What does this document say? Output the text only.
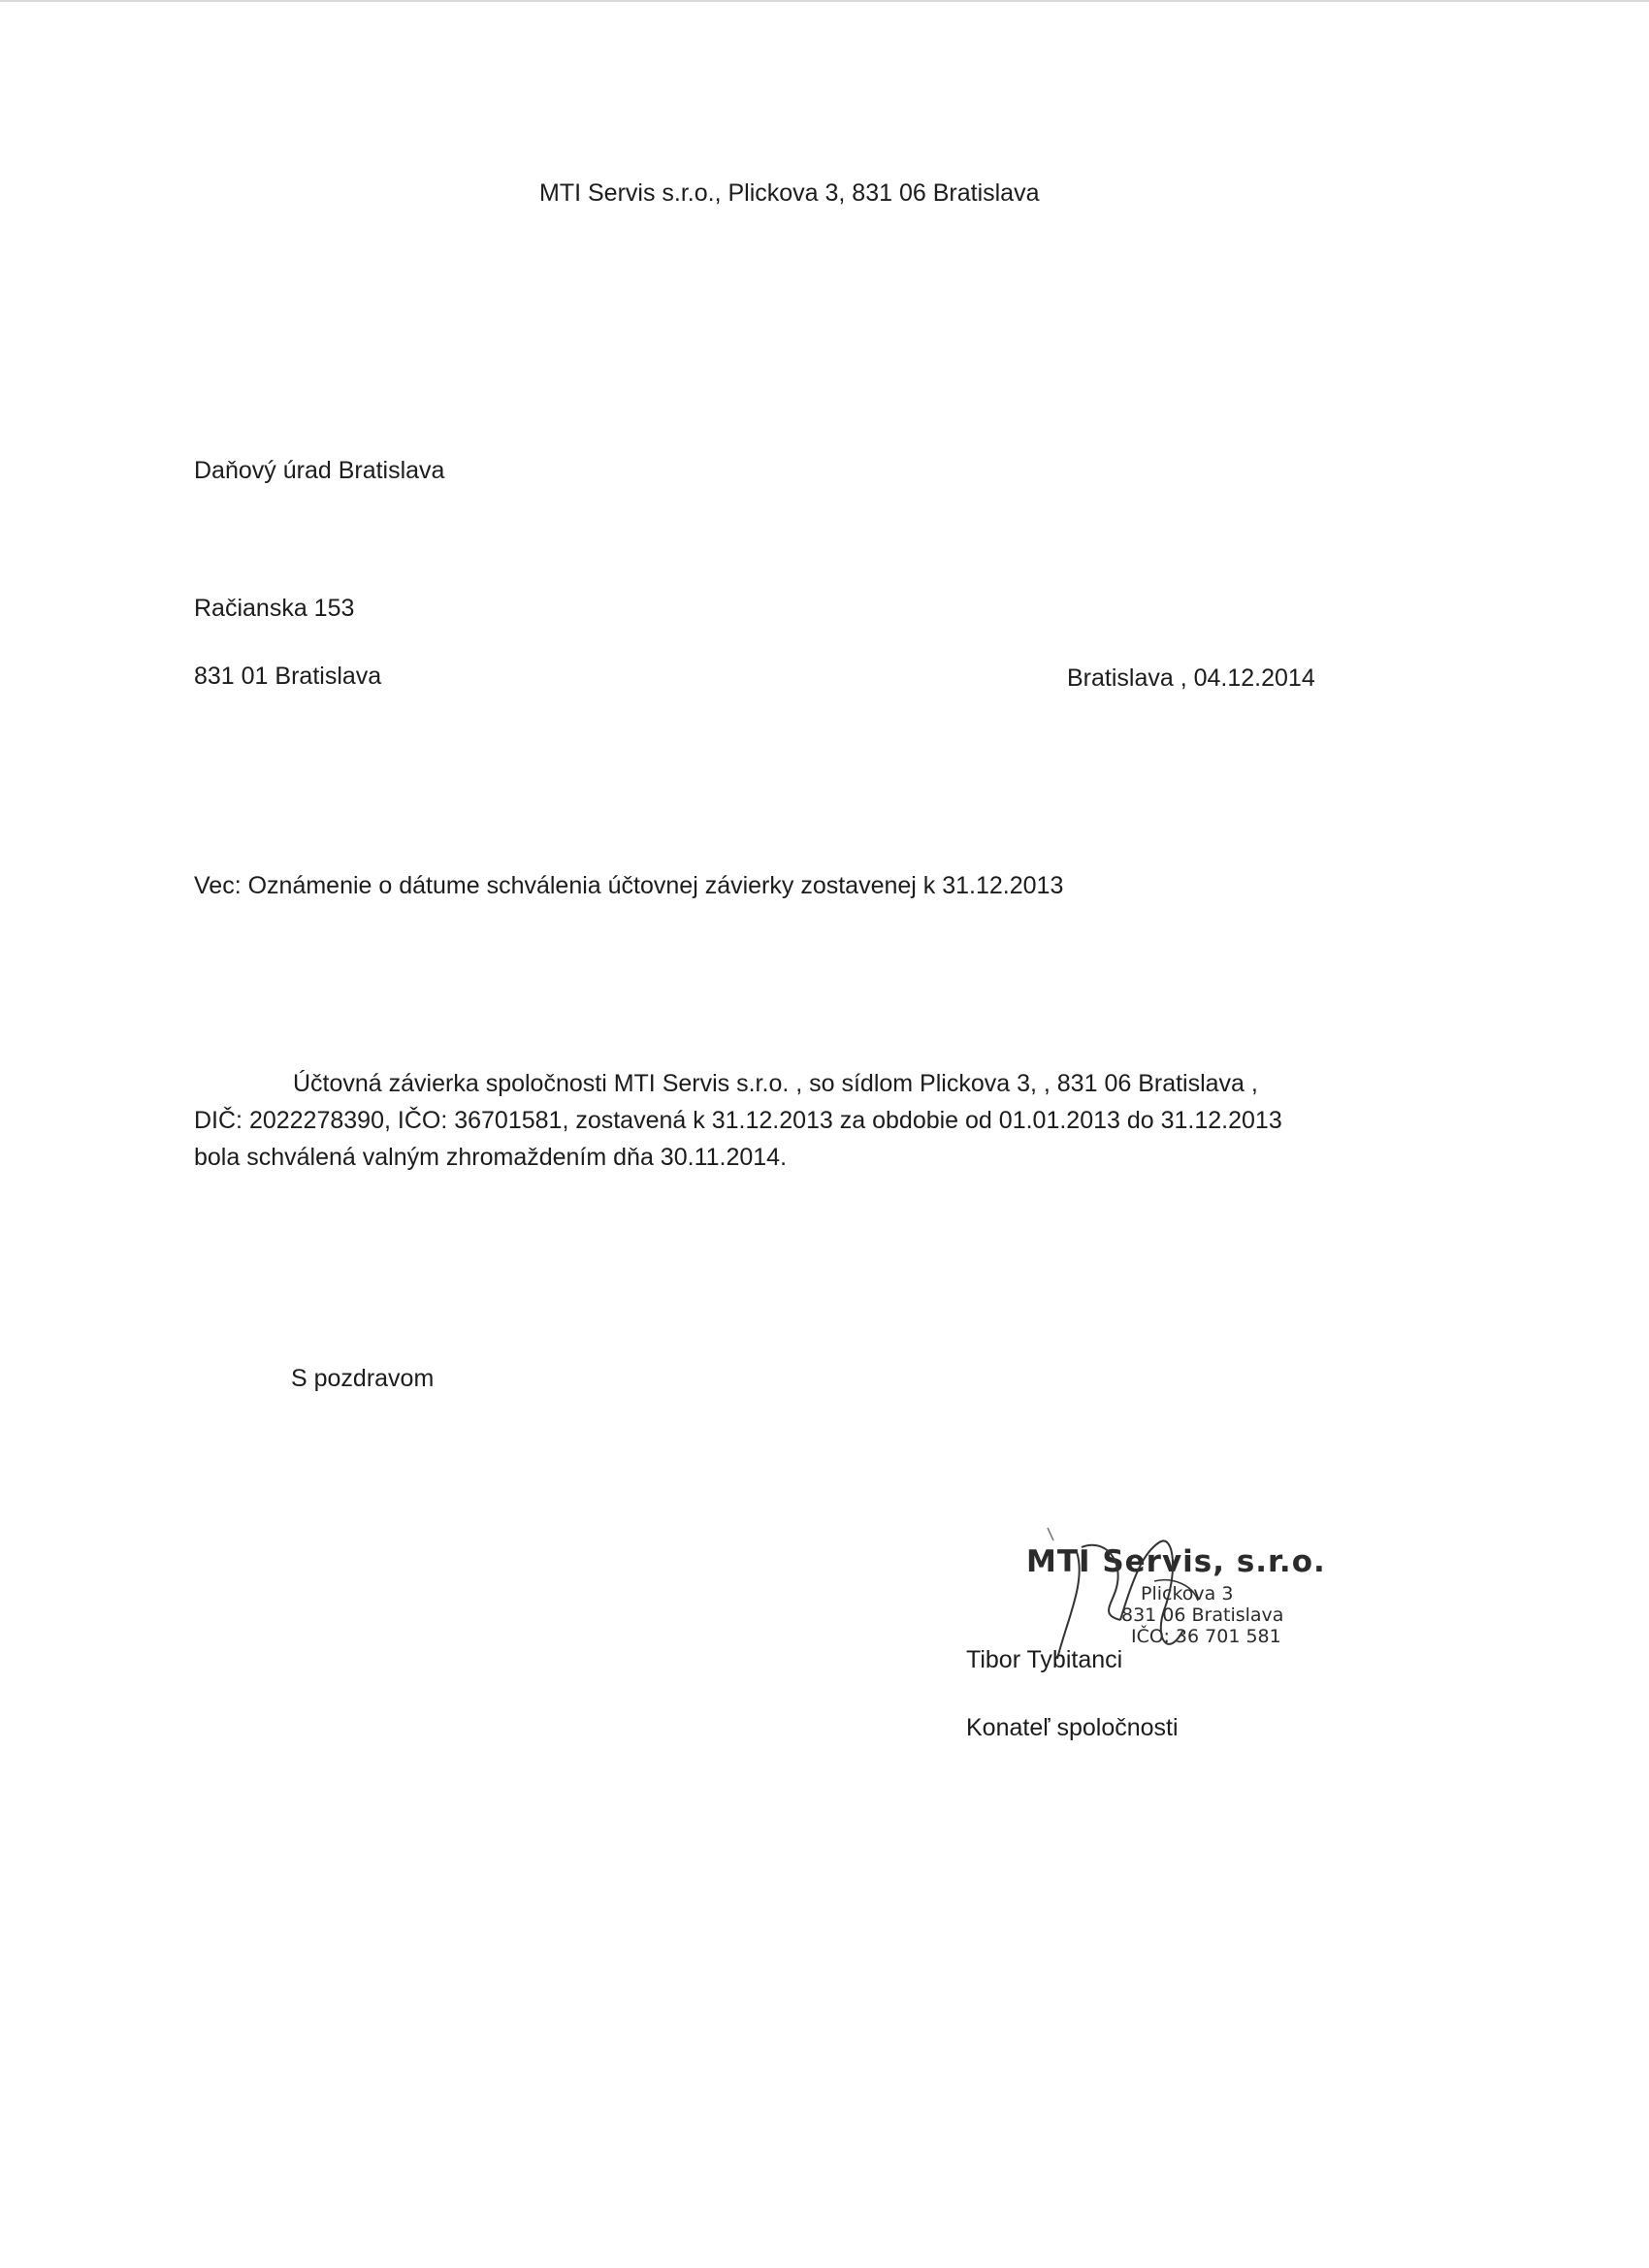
MTI Servis s.r.o., Plickova 3, 831 06 Bratislava
Daňový úrad Bratislava
Račianska 153
831 01 Bratislava	Bratislava , 04.12.2014
Vec: Oznámenie o dátume schválenia účtovnej závierky zostavenej k 31.12.2013
Účtovná závierka spoločnosti MTI Servis s.r.o. , so sídlom Plickova 3, , 831 06 Bratislava ,
DIČ: 2022278390, IČO: 36701581, zostavená k 31.12.2013 za obdobie od 01.01.2013 do 31.12.2013
bola schválená valným zhromaždením dňa 30.11.2014.
S pozdravom
MTI Servis, s.r.o.
Plickova 3
831 06 Bratislava
IČO: 36 701 581
Tibor Tybitanci
Konateľ spoločnosti
